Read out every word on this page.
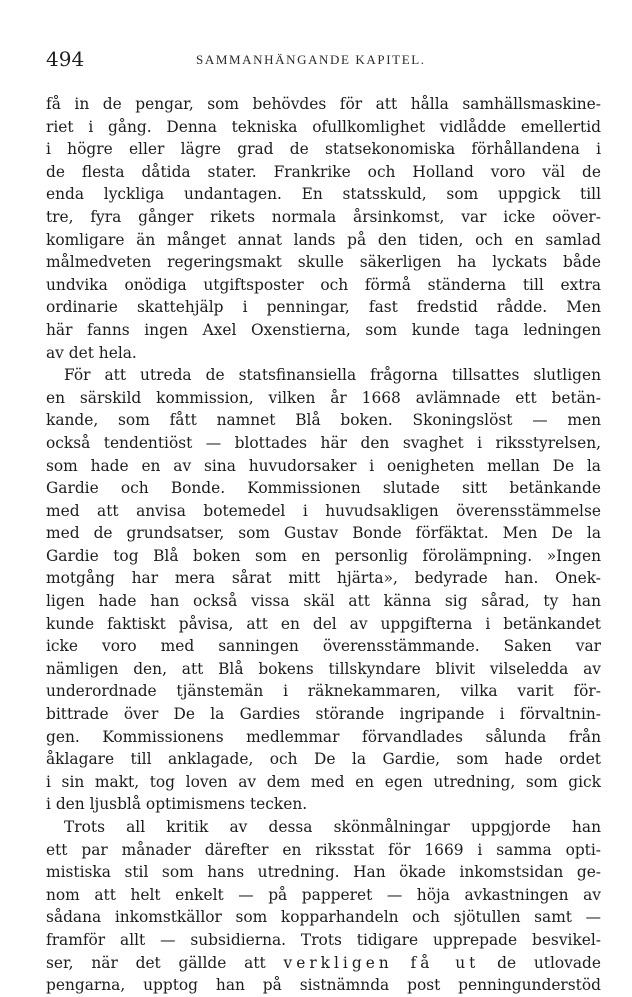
494	SAMMANHÄNGANDE KAPITEL.
få in de pengar, som behövdes för att hålla samhällsmaskine-
riet i gång. Denna tekniska ofullkomlighet vidlådde emellertid
i högre eller lägre grad de statsekonomiska förhållandena i
de flesta dåtida stater. Frankrike och Holland voro väl de
enda lyckliga undantagen. En statsskuld, som uppgick till
tre, fyra gånger rikets normala årsinkomst, var icke oöver-
komligare än månget annat lands på den tiden, och en samlad
målmedveten regeringsmakt skulle säkerligen ha lyckats både
undvika onödiga utgiftsposter och förmå ständerna till extra
ordinarie skattehjälp i penningar, fast fredstid rådde. Men
här fanns ingen Axel Oxenstierna, som kunde taga ledningen
av det hela.
För att utreda de statsfinansiella frågorna tillsattes slutligen
en särskild kommission, vilken år 1668 avlämnade ett betän-
kande, som fått namnet Blå boken. Skoningslöst — men
också tendentiöst — blottades här den svaghet i riksstyrelsen,
som hade en av sina huvudorsaker i oenigheten mellan De la
Gardie och Bonde. Kommissionen slutade sitt betänkande
med att anvisa botemedel i huvudsakligen överensstämmelse
med de grundsatser, som Gustav Bonde förfäktat. Men De la
Gardie tog Blå boken som en personlig förolämpning. »Ingen
motgång har mera sårat mitt hjärta», bedyrade han. Onek-
ligen hade han också vissa skäl att känna sig sårad, ty han
kunde faktiskt påvisa, att en del av uppgifterna i betänkandet
icke voro med sanningen överensstämmande. Saken var
nämligen den, att Blå bokens tillskyndare blivit vilseledda av
underordnade tjänstemän i räknekammaren, vilka varit för-
bittrade över De la Gardies störande ingripande i förvaltnin-
gen. Kommissionens medlemmar förvandlades sålunda från
åklagare till anklagade, och De la Gardie, som hade ordet
i sin makt, tog loven av dem med en egen utredning, som gick
i den ljusblå optimismens tecken.
Trots all kritik av dessa skönmålningar uppgjorde han
ett par månader därefter en riksstat för 1669 i samma opti-
mistiska stil som hans utredning. Han ökade inkomstsidan ge-
nom att helt enkelt — på papperet — höja avkastningen av
sådana inkomstkällor som kopparhandeln och sjötullen samt —
framför allt — subsidierna. Trots tidigare upprepade besvikel-
ser, när det gällde att verkligen få ut de utlovade
pengarna, upptog han på sistnämnda post penningunderstöd
